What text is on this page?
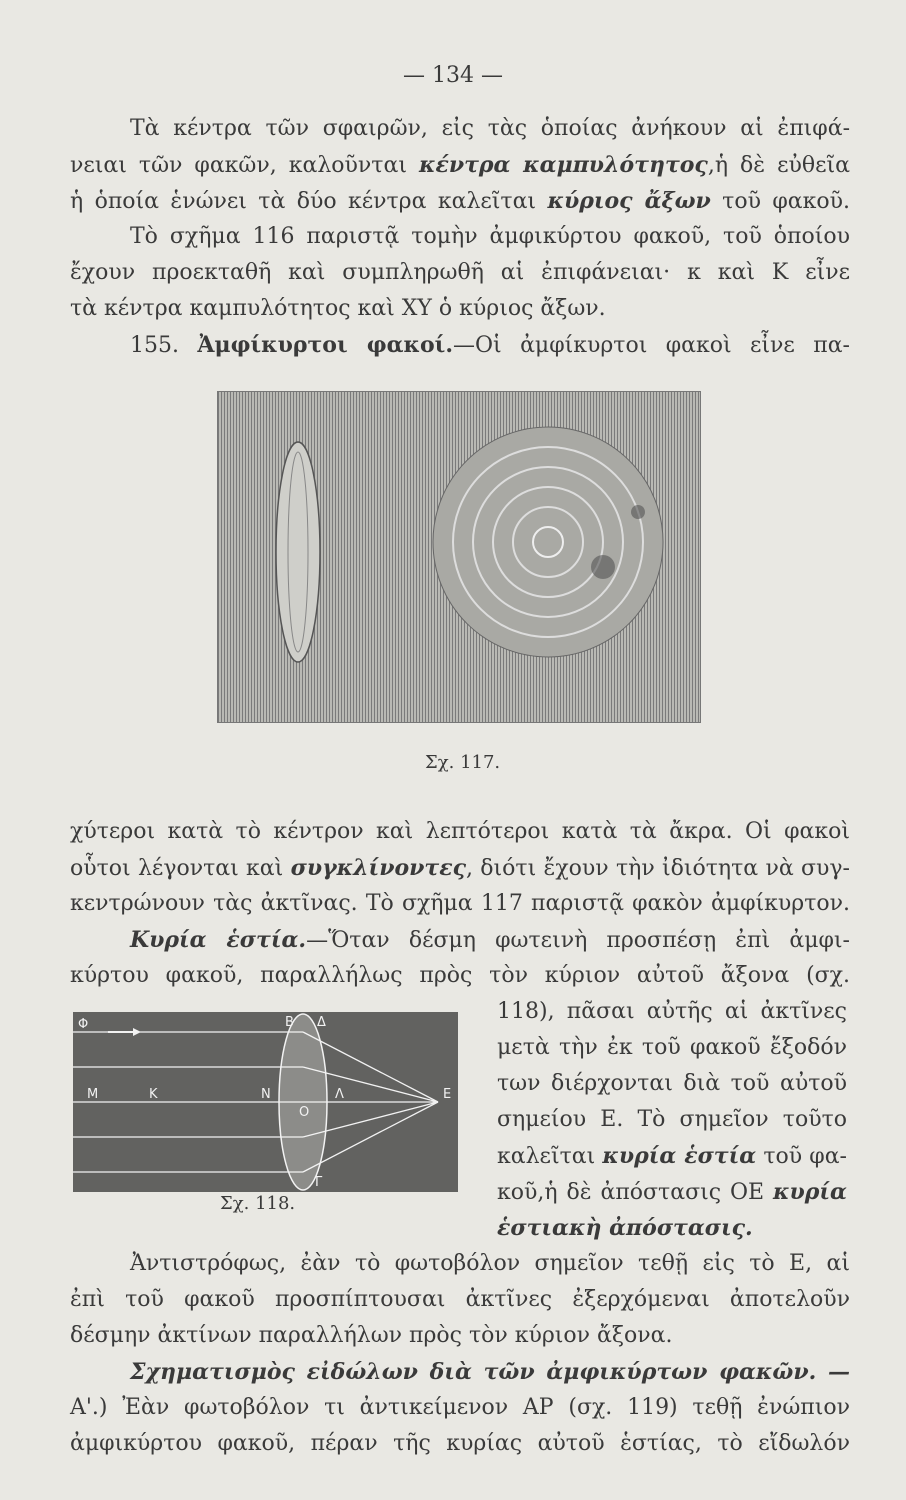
— 134 —
Τὰ κέντρα τῶν σφαιρῶν, εἰς τὰς ὁποίας ἀνήκουν αἱ ἐπιφά-
νειαι τῶν φακῶν, καλοῦνται κέντρα καμπυλότητος,ἡ δὲ εὐθεῖα
ἡ ὁποία ἑνώνει τὰ δύο κέντρα καλεῖται κύριος ἄξων τοῦ φακοῦ.
Τὸ σχῆμα 116 παριστᾷ τομὴν ἀμφικύρτου φακοῦ, τοῦ ὁποίου
ἔχουν προεκταθῆ καὶ συμπληρωθῆ αἱ ἐπιφάνειαι· κ καὶ Κ εἶνε
τὰ κέντρα καμπυλότητος καὶ ΧΥ ὁ κύριος ἄξων.
155. Ἀμφίκυρτοι φακοί.—Οἱ ἀμφίκυρτοι φακοὶ εἶνε πα-
Σχ. 117.
χύτεροι κατὰ τὸ κέντρον καὶ λεπτότεροι κατὰ τὰ ἄκρα. Οἱ φακοὶ
οὗτοι λέγονται καὶ συγκλίνοντες, διότι ἔχουν τὴν ἰδιότητα νὰ συγ-
κεντρώνουν τὰς ἀκτῖνας. Τὸ σχῆμα 117 παριστᾷ φακὸν ἀμφίκυρτον.
Κυρία ἑστία.—Ὅταν δέσμη φωτεινὴ προσπέσῃ ἐπὶ ἀμφι-
κύρτου φακοῦ, παραλλήλως πρὸς τὸν κύριον αὐτοῦ ἄξονα (σχ.
Φ	Β Δ
Μ	Κ	Ν
Ο
Λ	Ε
Γ
Σχ. 118.
118), πᾶσαι αὐτῆς αἱ ἀκτῖνες
μετὰ τὴν ἐκ τοῦ φακοῦ ἔξοδόν
των διέρχονται διὰ τοῦ αὐτοῦ
σημείου Ε. Τὸ σημεῖον τοῦτο
καλεῖται κυρία ἑστία τοῦ φα-
κοῦ,ἡ δὲ ἀπόστασις ΟΕ κυρία
ἑστιακὴ ἀπόστασις.
Ἀντιστρόφως, ἐὰν τὸ φωτοβόλον σημεῖον τεθῇ εἰς τὸ Ε, αἱ
ἐπὶ τοῦ φακοῦ προσπίπτουσαι ἀκτῖνες ἐξερχόμεναι ἀποτελοῦν
δέσμην ἀκτίνων παραλλήλων πρὸς τὸν κύριον ἄξονα.
Σχηματισμὸς εἰδώλων διὰ τῶν ἀμφικύρτων φακῶν. —
Α'.) Ἐὰν φωτοβόλον τι ἀντικείμενον ΑΡ (σχ. 119) τεθῇ ἐνώπιον
ἀμφικύρτου φακοῦ, πέραν τῆς κυρίας αὐτοῦ ἑστίας, τὸ εἴδωλόν
